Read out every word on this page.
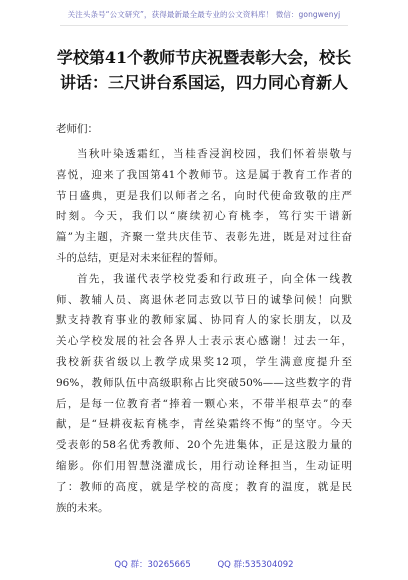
关注头条号“公文研究”，获得最新最全最专业的公文资料库！ 微信：gongwenyj
学校第41个教师节庆祝暨表彰大会，校长
讲话：三尺讲台系国运，四力同心育新人
老师们：
当秋叶染透霜红，当桂香浸润校园，我们怀着崇敬与
喜悦，迎来了我国第41个教师节。这是属于教育工作者的
节日盛典，更是我们以师者之名，向时代使命致敬的庄严
时刻。今天，我们以“赓续初心育桃李，笃行实干谱新
篇”为主题，齐聚一堂共庆佳节、表彰先进，既是对过往奋
斗的总结，更是对未来征程的誓师。
首先，我谨代表学校党委和行政班子，向全体一线教
师、教辅人员、离退休老同志致以节日的诚挚问候！向默
默支持教育事业的教师家属、协同育人的家长朋友，以及
关心学校发展的社会各界人士表示衷心感谢！过去一年，
我校新获省级以上教学成果奖12项，学生满意度提升至
96%，教师队伍中高级职称占比突破50%——这些数字的背
后，是每一位教育者“捧着一颗心来，不带半根草去”的奉
献，是“昼耕夜耘育桃李，青丝染霜终不悔”的坚守。今天
受表彰的58名优秀教师、20个先进集体，正是这股力量的
缩影。你们用智慧浇灌成长，用行动诠释担当，生动证明
了：教师的高度，就是学校的高度；教育的温度，就是民
族的未来。
QQ 群：30265665	QQ 群:535304092
